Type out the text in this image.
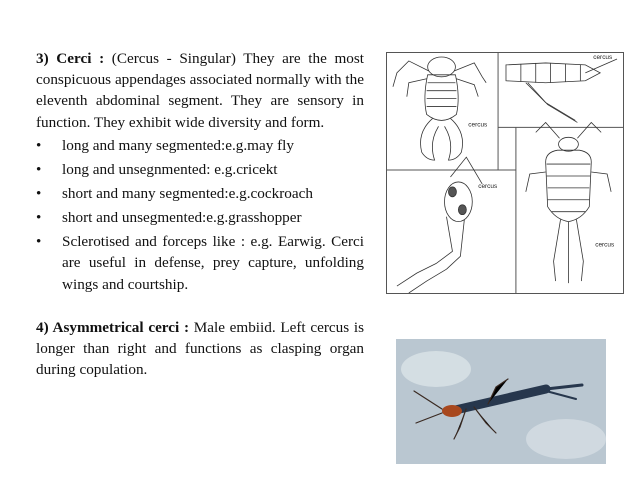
3) Cerci : (Cercus - Singular) They are the most conspicuous appendages associated normally with the eleventh abdominal segment. They are sensory in function. They exhibit wide diversity and form.

• long and many segmented:e.g.may fly
• long and unsegnmented: e.g.cricekt
• short and many segmented:e.g.cockroach
• short and unsegmented:e.g.grasshopper
• Sclerotised and forceps like : e.g. Earwig. Cerci are useful in defense, prey capture, unfolding wings and courtship.

4) Asymmetrical cerci : Male embiid. Left cercus is longer than right and functions as clasping organ during copulation.

cercus
cercus
cercus
cercus
